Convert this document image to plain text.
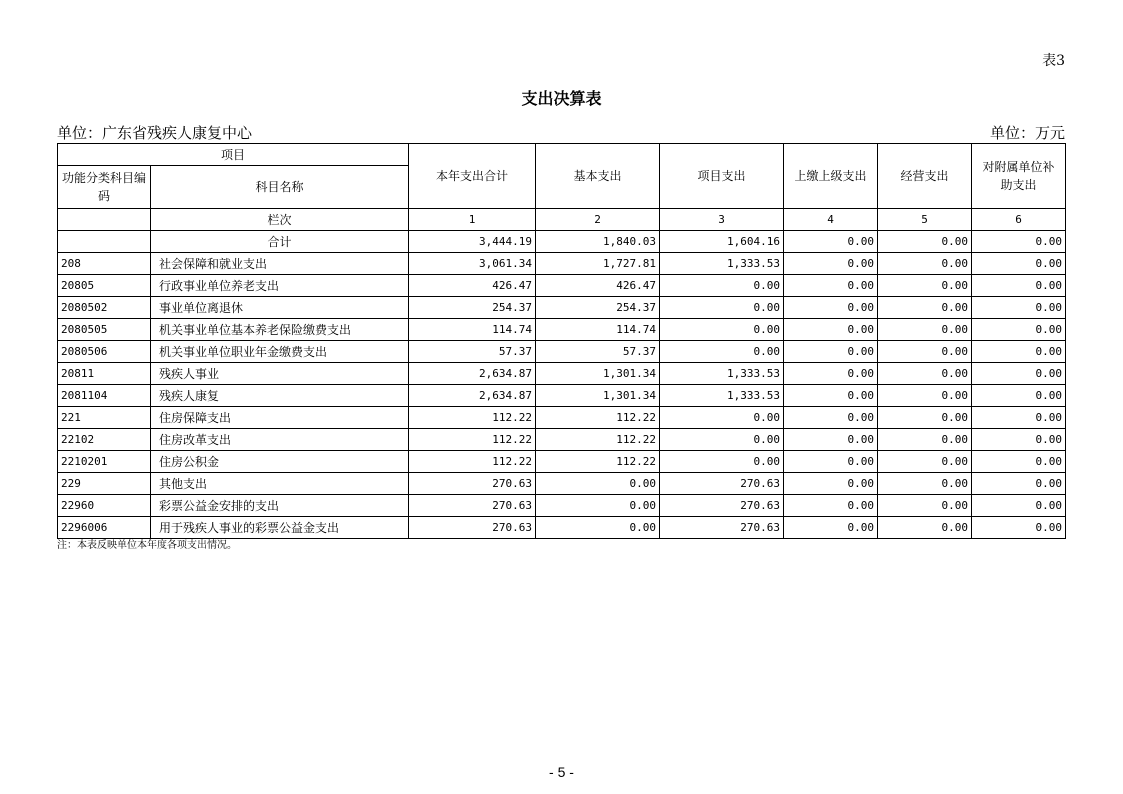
表3
支出决算表
单位：广东省残疾人康复中心	单位：万元
项目		本年支出合计	基本支出	项目支出	上缴上级支出	经营支出	对附属单位补助支出
功能分类科目编码	科目名称						
	栏次	1	2	3	4	5	6
	合计	3,444.19	1,840.03	1,604.16	0.00	0.00	0.00
208	社会保障和就业支出	3,061.34	1,727.81	1,333.53	0.00	0.00	0.00
20805	行政事业单位养老支出	426.47	426.47	0.00	0.00	0.00	0.00
2080502	事业单位离退休	254.37	254.37	0.00	0.00	0.00	0.00
2080505	机关事业单位基本养老保险缴费支出	114.74	114.74	0.00	0.00	0.00	0.00
2080506	机关事业单位职业年金缴费支出	57.37	57.37	0.00	0.00	0.00	0.00
20811	残疾人事业	2,634.87	1,301.34	1,333.53	0.00	0.00	0.00
2081104	残疾人康复	2,634.87	1,301.34	1,333.53	0.00	0.00	0.00
221	住房保障支出	112.22	112.22	0.00	0.00	0.00	0.00
22102	住房改革支出	112.22	112.22	0.00	0.00	0.00	0.00
2210201	住房公积金	112.22	112.22	0.00	0.00	0.00	0.00
229	其他支出	270.63	0.00	270.63	0.00	0.00	0.00
22960	彩票公益金安排的支出	270.63	0.00	270.63	0.00	0.00	0.00
2296006	用于残疾人事业的彩票公益金支出	270.63	0.00	270.63	0.00	0.00	0.00
注：本表反映单位本年度各项支出情况。
- 5 -
